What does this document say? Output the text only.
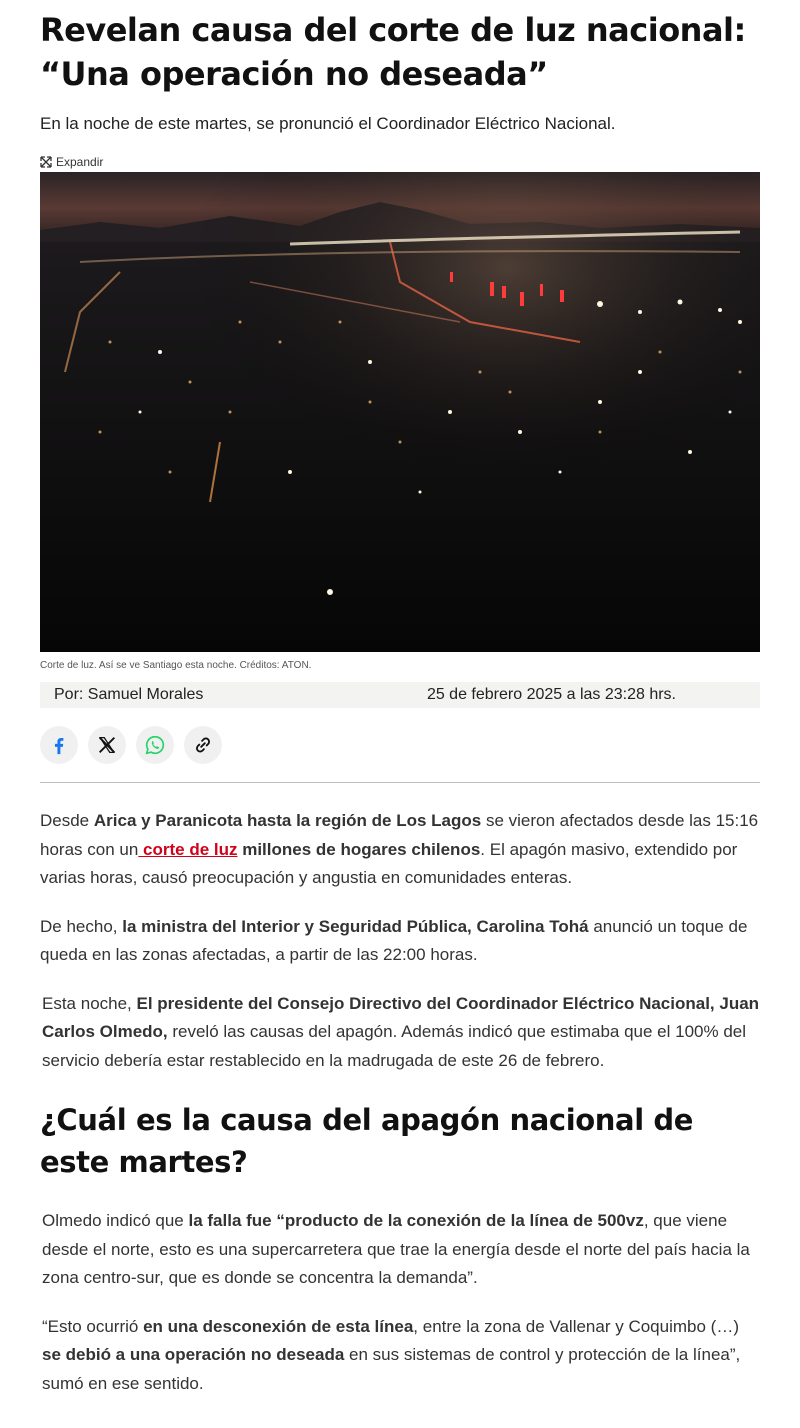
Revelan causa del corte de luz nacional: “Una operación no deseada”

En la noche de este martes, se pronunció el Coordinador Eléctrico Nacional.

Expandir
Corte de luz. Así se ve Santiago esta noche. Créditos: ATON.
Por: Samuel Morales	25 de febrero 2025 a las 23:28 hrs.

Desde Arica y Paranicota hasta la región de Los Lagos se vieron afectados desde las 15:16 horas con un corte de luz millones de hogares chilenos. El apagón masivo, extendido por varias horas, causó preocupación y angustia en comunidades enteras.

De hecho, la ministra del Interior y Seguridad Pública, Carolina Tohá anunció un toque de queda en las zonas afectadas, a partir de las 22:00 horas.

Esta noche, El presidente del Consejo Directivo del Coordinador Eléctrico Nacional, Juan Carlos Olmedo, reveló las causas del apagón. Además indicó que estimaba que el 100% del servicio debería estar restablecido en la madrugada de este 26 de febrero.

¿Cuál es la causa del apagón nacional de este martes?

Olmedo indicó que la falla fue “producto de la conexión de la línea de 500vz, que viene desde el norte, esto es una supercarretera que trae la energía desde el norte del país hacia la zona centro-sur, que es donde se concentra la demanda”.

“Esto ocurrió en una desconexión de esta línea, entre la zona de Vallenar y Coquimbo (…) se debió a una operación no deseada en sus sistemas de control y protección de la línea”, sumó en ese sentido.
